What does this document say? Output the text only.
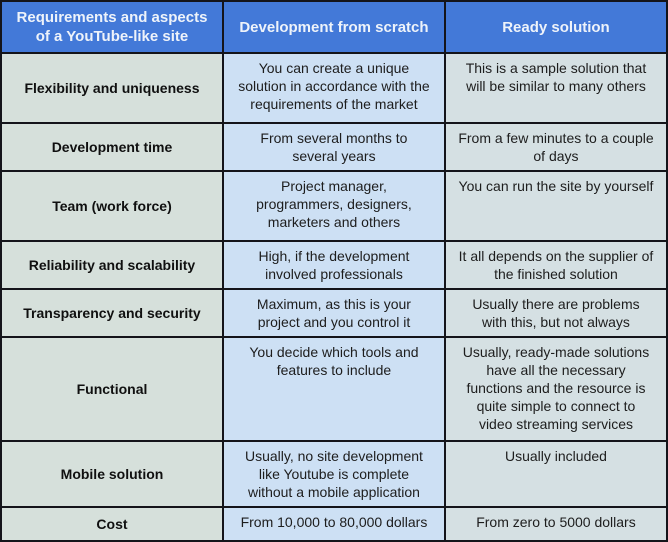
Requirements and aspects of a YouTube-like site	Development from scratch	Ready solution
Flexibility and uniqueness	You can create a unique solution in accordance with the requirements of the market	This is a sample solution that will be similar to many others
Development time	From several months to several years	From a few minutes to a couple of days
Team (work force)	Project manager, programmers, designers, marketers and others	You can run the site by yourself
Reliability and scalability	High, if the development involved professionals	It all depends on the supplier of the finished solution
Transparency and security	Maximum, as this is your project and you control it	Usually there are problems with this, but not always
Functional	You decide which tools and features to include	Usually, ready-made solutions have all the necessary functions and the resource is quite simple to connect to video streaming services
Mobile solution	Usually, no site development like Youtube is complete without a mobile application	Usually included
Cost	From 10,000 to 80,000 dollars	From zero to 5000 dollars
